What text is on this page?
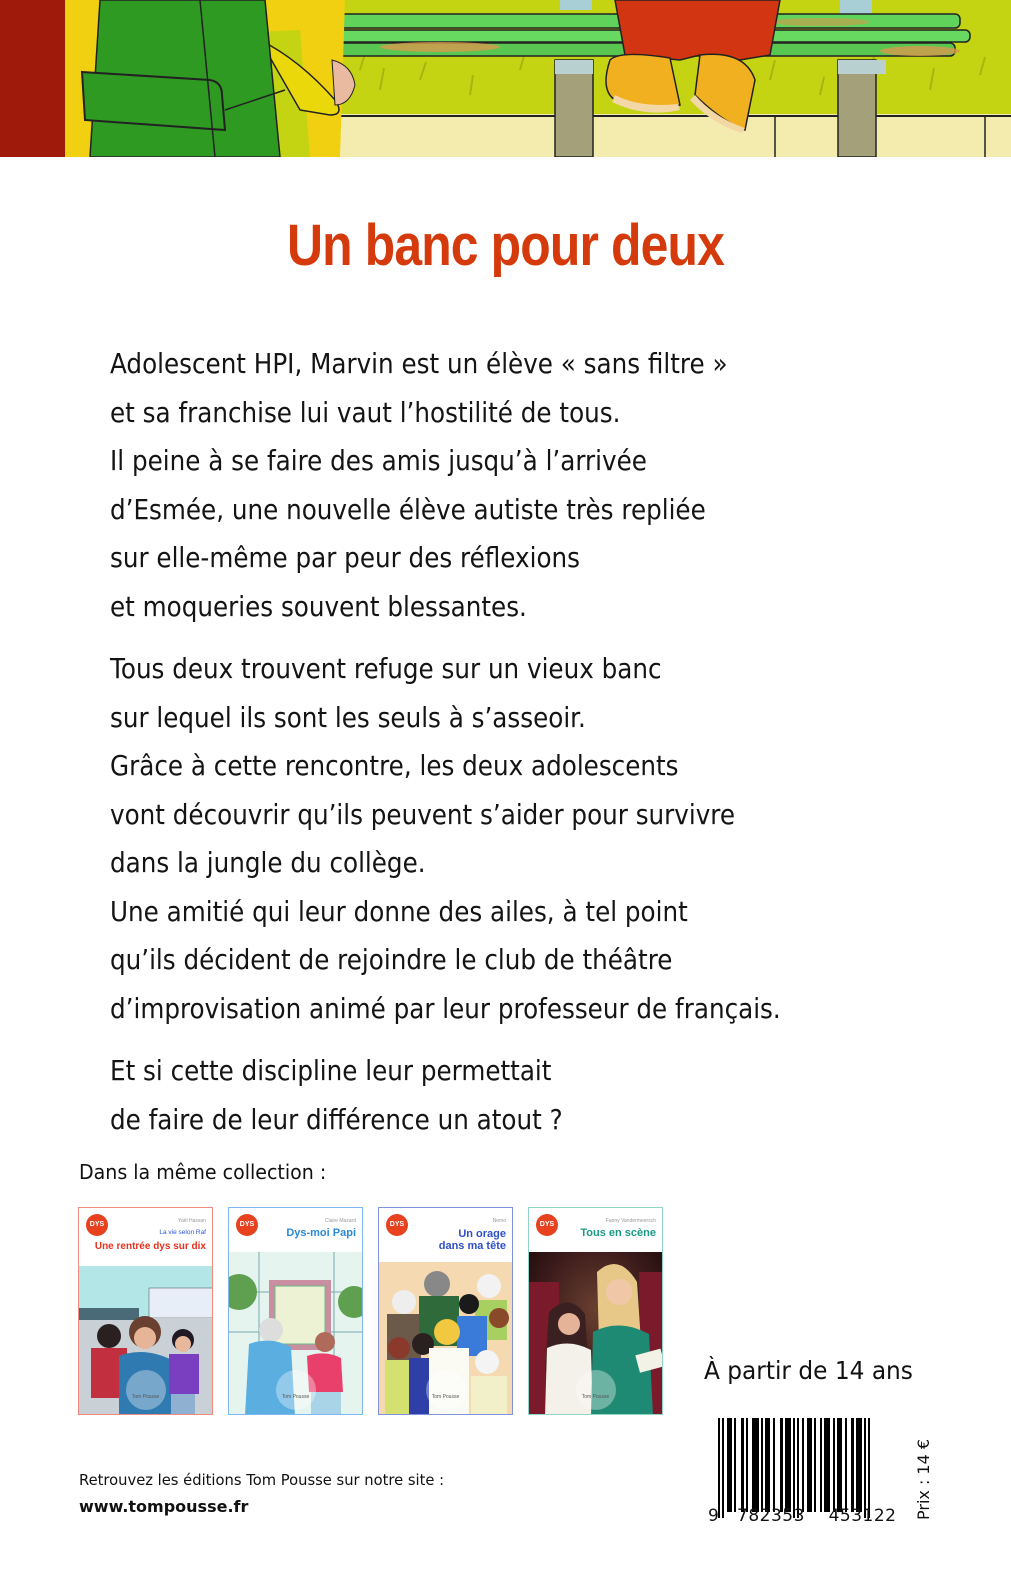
Un banc pour deux

Adolescent HPI, Marvin est un élève « sans filtre »
et sa franchise lui vaut l’hostilité de tous.
Il peine à se faire des amis jusqu’à l’arrivée
d’Esmée, une nouvelle élève autiste très repliée
sur elle-même par peur des réflexions
et moqueries souvent blessantes.

Tous deux trouvent refuge sur un vieux banc
sur lequel ils sont les seuls à s’asseoir.
Grâce à cette rencontre, les deux adolescents
vont découvrir qu’ils peuvent s’aider pour survivre
dans la jungle du collège.
Une amitié qui leur donne des ailes, à tel point
qu’ils décident de rejoindre le club de théâtre
d’improvisation animé par leur professeur de français.

Et si cette discipline leur permettait
de faire de leur différence un atout ?

Dans la même collection :
DYS	Yaël Hassan
La vie selon Raf
Une rentrée dys sur dix
Tom Pousse
DYS	Claire Mazard
Dys-moi Papi
Tom Pousse
DYS	Nemo
Un orage dans ma tête
Tom Pousse
DYS	Fanny Vandermeersch
Tous en scène
Tom Pousse
À partir de 14 ans
9 782353 453122 Prix : 14 €
Retrouvez les éditions Tom Pousse sur notre site :
www.tompousse.fr
